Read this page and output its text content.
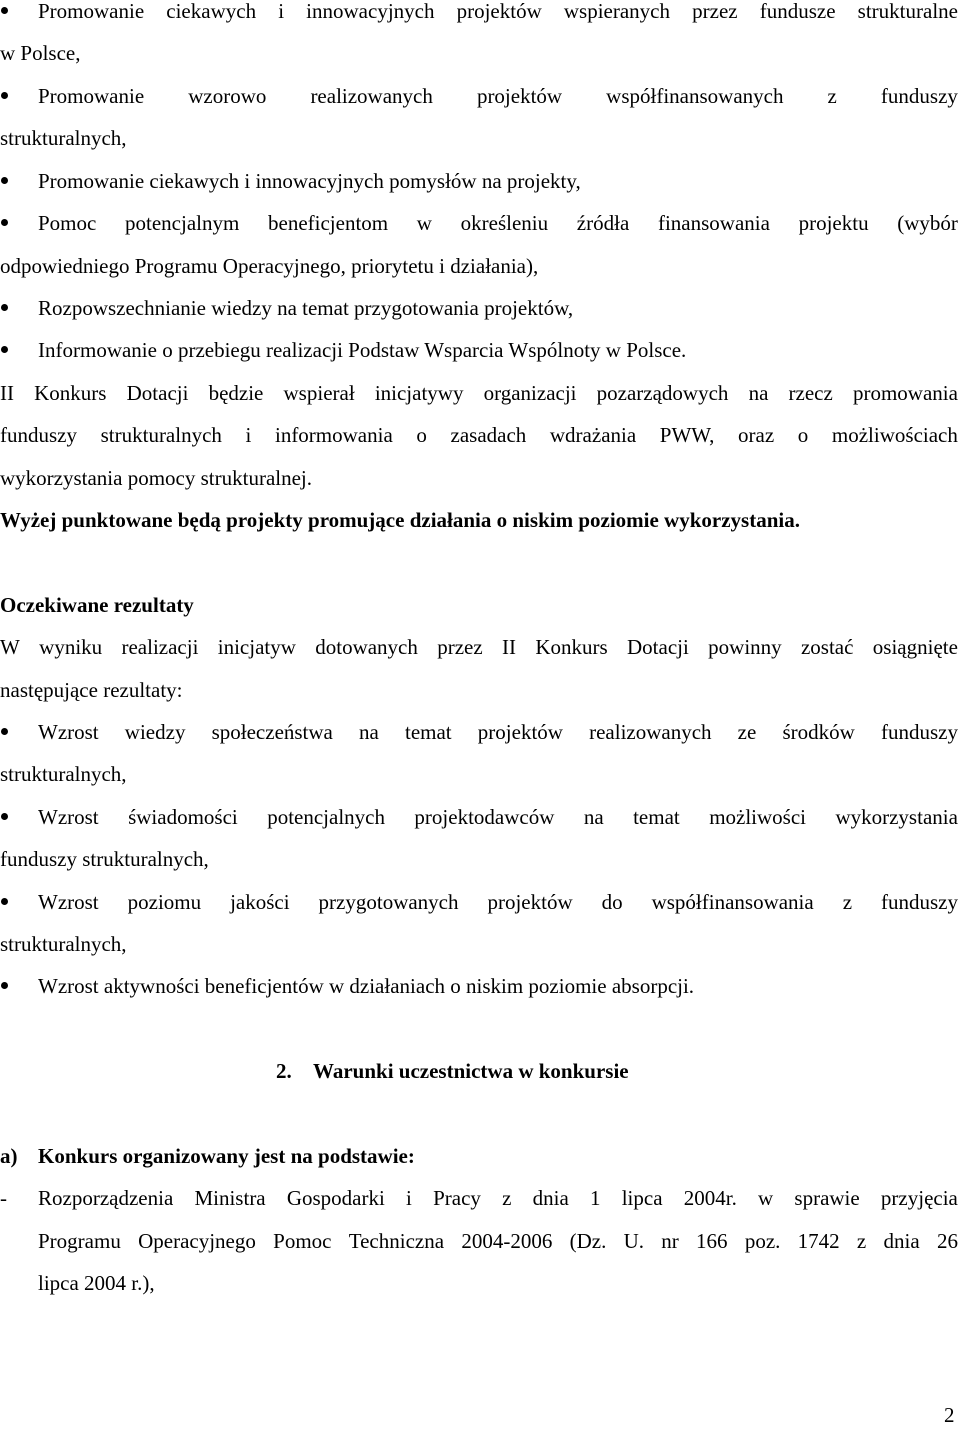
Promowanie ciekawych i innowacyjnych projektów wspieranych przez fundusze strukturalne
w Polsce,
Promowanie wzorowo realizowanych projektów współfinansowanych z funduszy
strukturalnych,
Promowanie ciekawych i innowacyjnych pomysłów na projekty,
Pomoc potencjalnym beneficjentom w określeniu źródła finansowania projektu (wybór
odpowiedniego Programu Operacyjnego, priorytetu i działania),
Rozpowszechnianie wiedzy na temat przygotowania projektów,
Informowanie o przebiegu realizacji Podstaw Wsparcia Wspólnoty w Polsce.
II Konkurs Dotacji będzie wspierał inicjatywy organizacji pozarządowych na rzecz promowania
funduszy strukturalnych i informowania o zasadach wdrażania PWW, oraz o możliwościach
wykorzystania pomocy strukturalnej.
Wyżej punktowane będą projekty promujące działania o niskim poziomie wykorzystania.
Oczekiwane rezultaty
W wyniku realizacji inicjatyw dotowanych przez II Konkurs Dotacji powinny zostać osiągnięte
następujące rezultaty:
Wzrost wiedzy społeczeństwa na temat projektów realizowanych ze środków funduszy
strukturalnych,
Wzrost świadomości potencjalnych projektodawców na temat możliwości wykorzystania
funduszy strukturalnych,
Wzrost poziomu jakości przygotowanych projektów do współfinansowania z funduszy
strukturalnych,
Wzrost aktywności beneficjentów w działaniach o niskim poziomie absorpcji.
2. Warunki uczestnictwa w konkursie
a) Konkurs organizowany jest na podstawie:
- Rozporządzenia Ministra Gospodarki i Pracy z dnia 1 lipca 2004r. w sprawie przyjęcia
Programu Operacyjnego Pomoc Techniczna 2004-2006 (Dz. U. nr 166 poz. 1742 z dnia 26
lipca 2004 r.),
2
